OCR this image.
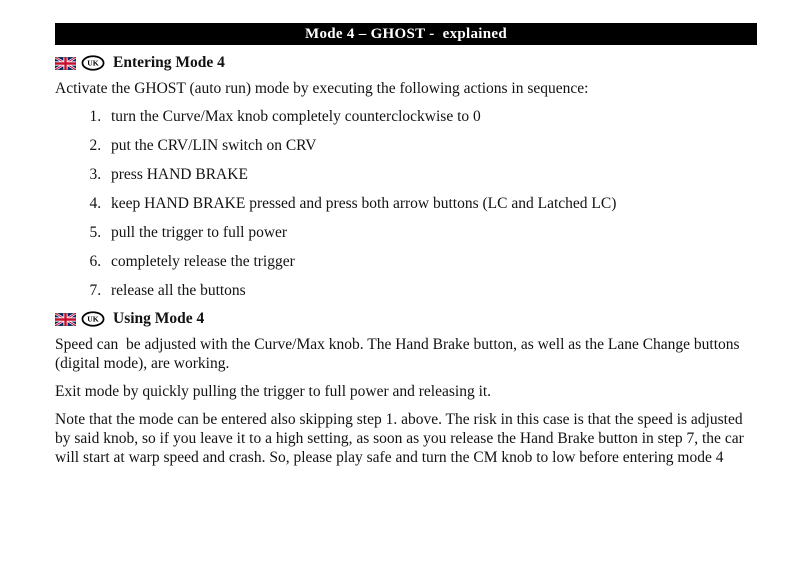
Mode 4 – GHOST -  explained
UK Entering Mode 4

Activate the GHOST (auto run) mode by executing the following actions in sequence:

1. turn the Curve/Max knob completely counterclockwise to 0
2. put the CRV/LIN switch on CRV
3. press HAND BRAKE
4. keep HAND BRAKE pressed and press both arrow buttons (LC and Latched LC)
5. pull the trigger to full power
6. completely release the trigger
7. release all the buttons
UK Using Mode 4

Speed can  be adjusted with the Curve/Max knob. The Hand Brake button, as well as the Lane Change buttons (digital mode), are working.

Exit mode by quickly pulling the trigger to full power and releasing it.

Note that the mode can be entered also skipping step 1. above. The risk in this case is that the speed is adjusted by said knob, so if you leave it to a high setting, as soon as you release the Hand Brake button in step 7, the car will start at warp speed and crash. So, please play safe and turn the CM knob to low before entering mode 4
